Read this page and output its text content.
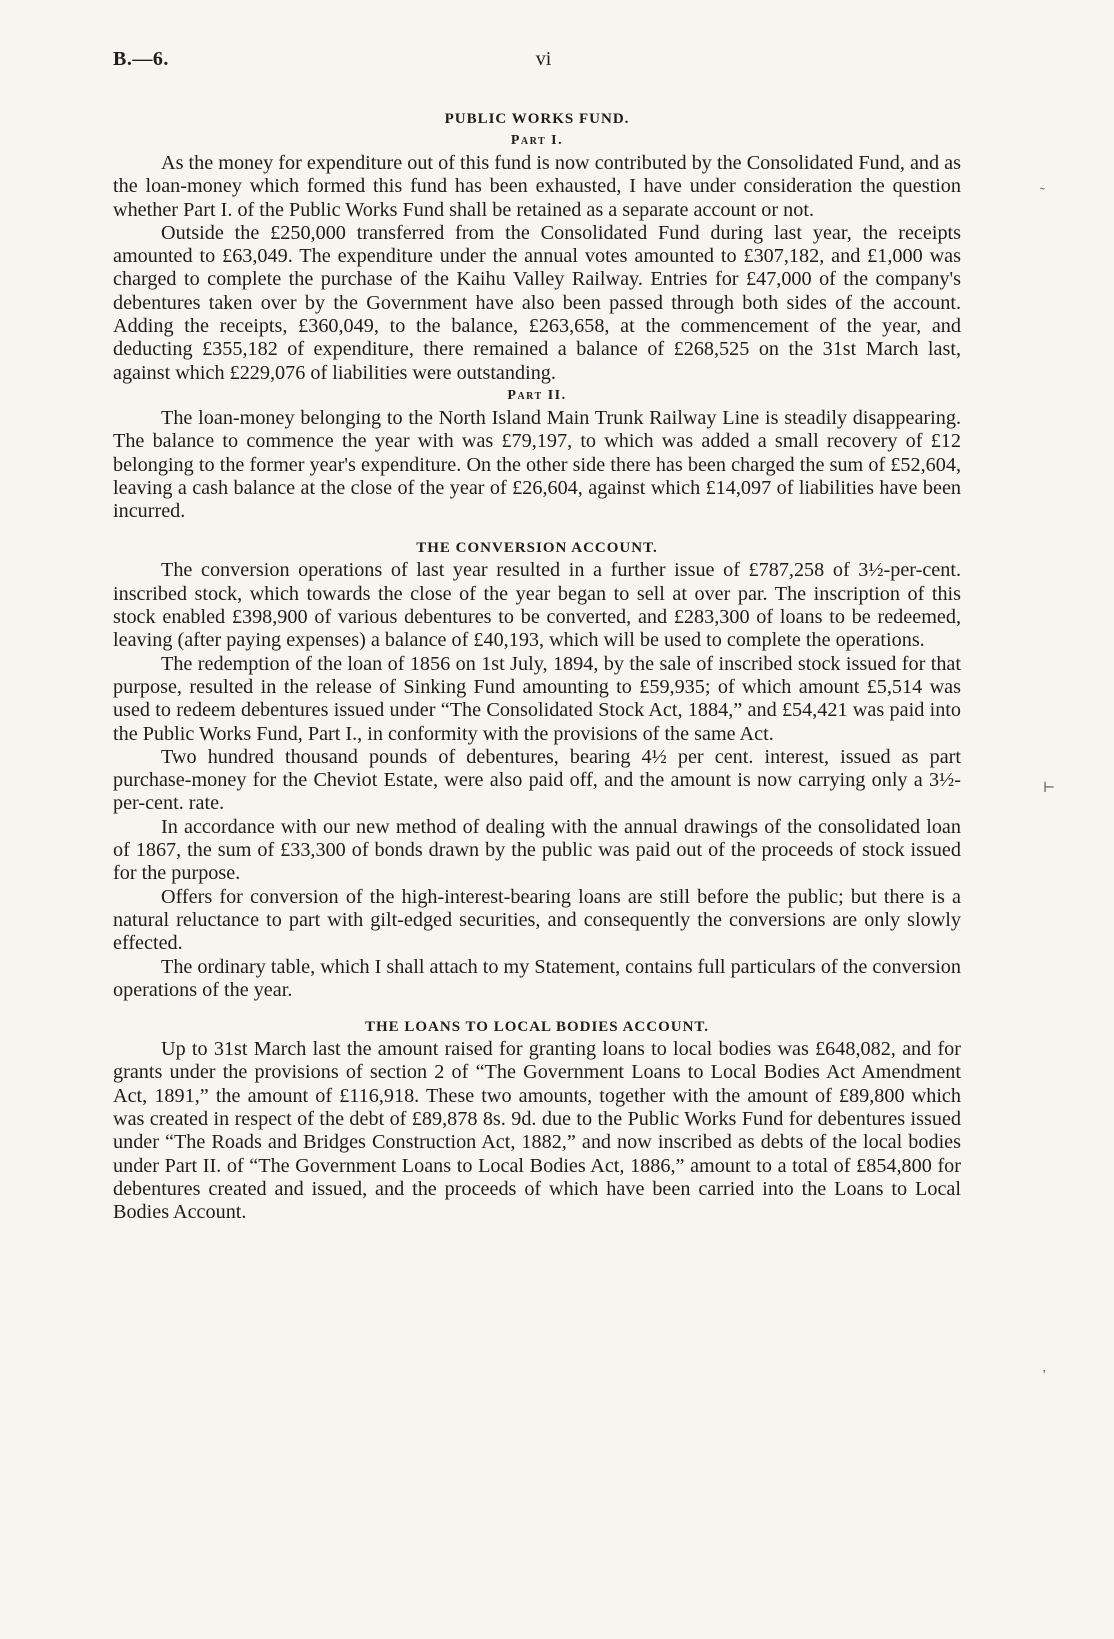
B.—6.	vi
PUBLIC WORKS FUND.
Part I.

As the money for expenditure out of this fund is now contributed by the Consolidated Fund, and as the loan-money which formed this fund has been exhausted, I have under consideration the question whether Part I. of the Public Works Fund shall be retained as a separate account or not.

Outside the £250,000 transferred from the Consolidated Fund during last year, the receipts amounted to £63,049. The expenditure under the annual votes amounted to £307,182, and £1,000 was charged to complete the purchase of the Kaihu Valley Railway. Entries for £47,000 of the company's debentures taken over by the Government have also been passed through both sides of the account. Adding the receipts, £360,049, to the balance, £263,658, at the commencement of the year, and deducting £355,182 of expenditure, there remained a balance of £268,525 on the 31st March last, against which £229,076 of liabilities were outstanding.

Part II.

The loan-money belonging to the North Island Main Trunk Railway Line is steadily disappearing. The balance to commence the year with was £79,197, to which was added a small recovery of £12 belonging to the former year's expenditure. On the other side there has been charged the sum of £52,604, leaving a cash balance at the close of the year of £26,604, against which £14,097 of liabilities have been incurred.

THE CONVERSION ACCOUNT.

The conversion operations of last year resulted in a further issue of £787,258 of 3½-per-cent. inscribed stock, which towards the close of the year began to sell at over par. The inscription of this stock enabled £398,900 of various debentures to be converted, and £283,300 of loans to be redeemed, leaving (after paying expenses) a balance of £40,193, which will be used to complete the operations.

The redemption of the loan of 1856 on 1st July, 1894, by the sale of inscribed stock issued for that purpose, resulted in the release of Sinking Fund amounting to £59,935; of which amount £5,514 was used to redeem debentures issued under “The Consolidated Stock Act, 1884,” and £54,421 was paid into the Public Works Fund, Part I., in conformity with the provisions of the same Act.

Two hundred thousand pounds of debentures, bearing 4½ per cent. interest, issued as part purchase-money for the Cheviot Estate, were also paid off, and the amount is now carrying only a 3½-per-cent. rate.

In accordance with our new method of dealing with the annual drawings of the consolidated loan of 1867, the sum of £33,300 of bonds drawn by the public was paid out of the proceeds of stock issued for the purpose.

Offers for conversion of the high-interest-bearing loans are still before the public; but there is a natural reluctance to part with gilt-edged securities, and consequently the conversions are only slowly effected.

The ordinary table, which I shall attach to my Statement, contains full particulars of the conversion operations of the year.

THE LOANS TO LOCAL BODIES ACCOUNT.

Up to 31st March last the amount raised for granting loans to local bodies was £648,082, and for grants under the provisions of section 2 of “The Government Loans to Local Bodies Act Amendment Act, 1891,” the amount of £116,918. These two amounts, together with the amount of £89,800 which was created in respect of the debt of £89,878 8s. 9d. due to the Public Works Fund for debentures issued under “The Roads and Bridges Construction Act, 1882,” and now inscribed as debts of the local bodies under Part II. of “The Government Loans to Local Bodies Act, 1886,” amount to a total of £854,800 for debentures created and issued, and the proceeds of which have been carried into the Loans to Local Bodies Account.

˜
⊢
'
